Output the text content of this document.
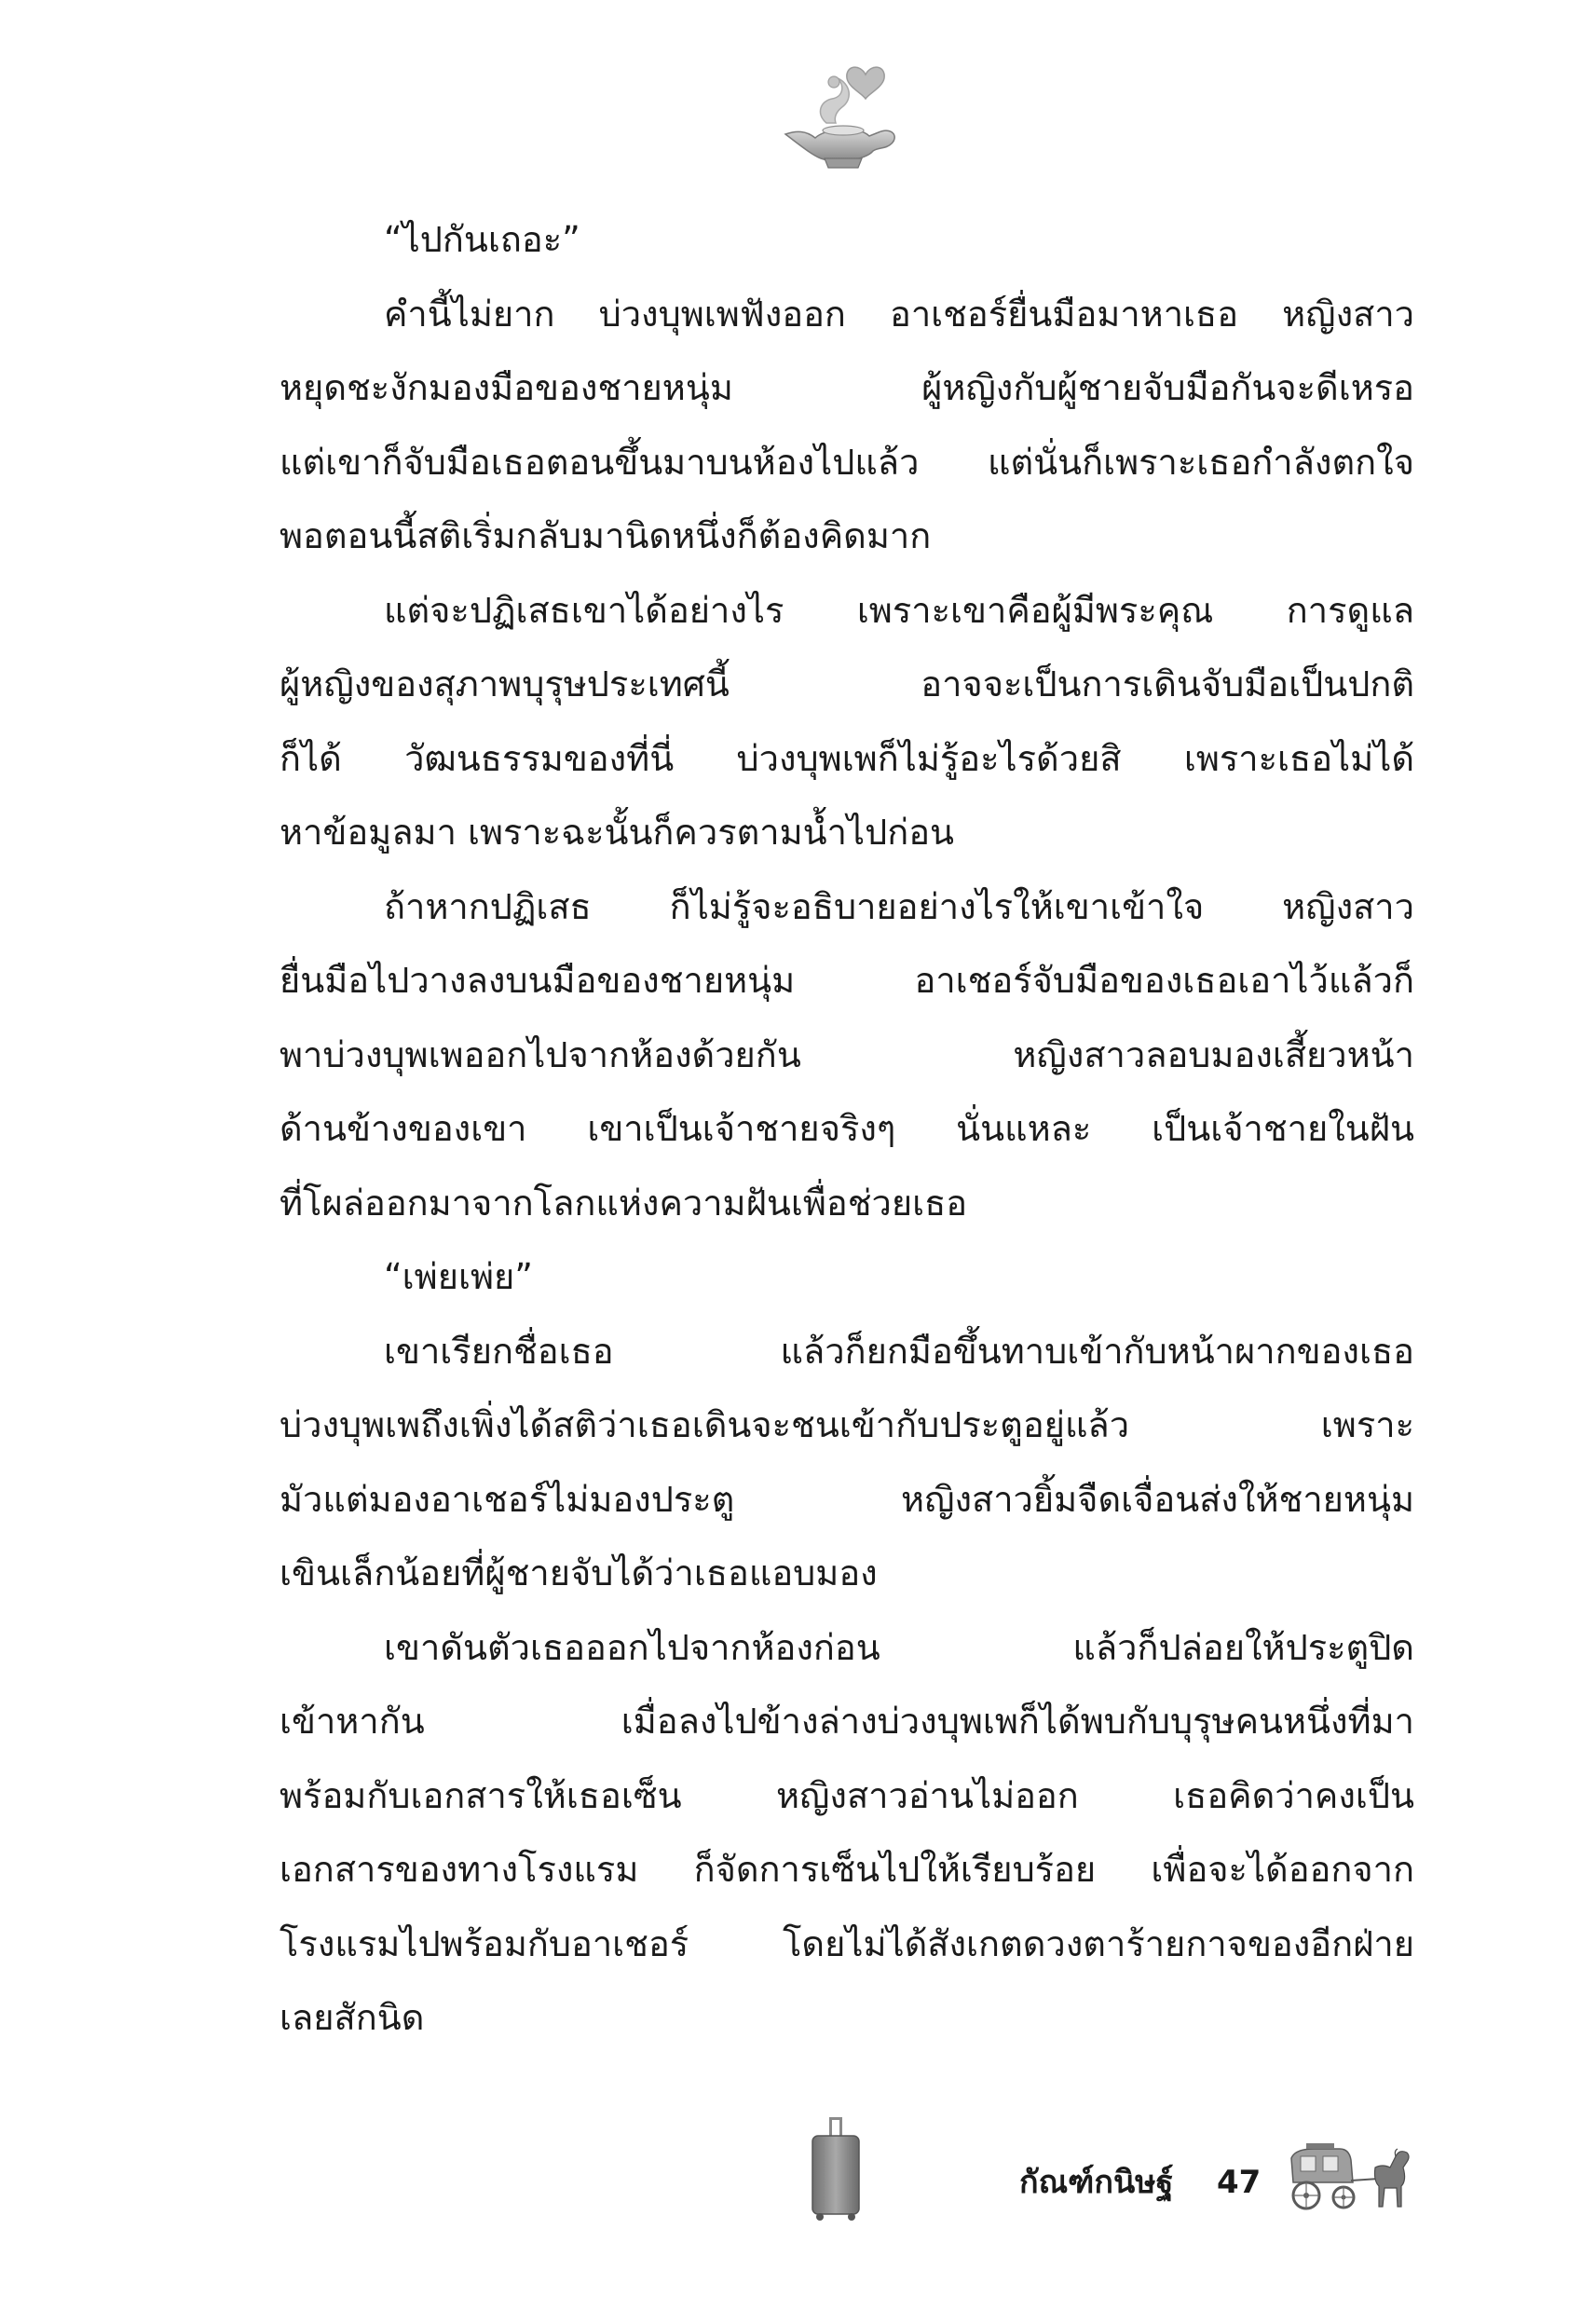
“ไปกันเถอะ”
คำนี้ไม่ยาก บ่วงบุพเพฟังออก อาเชอร์ยื่นมือมาหาเธอ หญิงสาว
หยุดชะงักมองมือของชายหนุ่ม ผู้หญิงกับผู้ชายจับมือกันจะดีเหรอ
แต่เขาก็จับมือเธอตอนขึ้นมาบนห้องไปแล้ว แต่นั่นก็เพราะเธอกำลังตกใจ
พอตอนนี้สติเริ่มกลับมานิดหนึ่งก็ต้องคิดมาก
แต่จะปฏิเสธเขาได้อย่างไร เพราะเขาคือผู้มีพระคุณ การดูแล
ผู้หญิงของสุภาพบุรุษประเทศนี้ อาจจะเป็นการเดินจับมือเป็นปกติ
ก็ได้ วัฒนธรรมของที่นี่ บ่วงบุพเพก็ไม่รู้อะไรด้วยสิ เพราะเธอไม่ได้
หาข้อมูลมา เพราะฉะนั้นก็ควรตามน้ำไปก่อน
ถ้าหากปฏิเสธ ก็ไม่รู้จะอธิบายอย่างไรให้เขาเข้าใจ หญิงสาว
ยื่นมือไปวางลงบนมือของชายหนุ่ม อาเชอร์จับมือของเธอเอาไว้แล้วก็
พาบ่วงบุพเพออกไปจากห้องด้วยกัน หญิงสาวลอบมองเสี้ยวหน้า
ด้านข้างของเขา เขาเป็นเจ้าชายจริงๆ นั่นแหละ เป็นเจ้าชายในฝัน
ที่โผล่ออกมาจากโลกแห่งความฝันเพื่อช่วยเธอ
“เพ่ยเพ่ย”
เขาเรียกชื่อเธอ แล้วก็ยกมือขึ้นทาบเข้ากับหน้าผากของเธอ
บ่วงบุพเพถึงเพิ่งได้สติว่าเธอเดินจะชนเข้ากับประตูอยู่แล้ว เพราะ
มัวแต่มองอาเชอร์ไม่มองประตู หญิงสาวยิ้มจืดเจื่อนส่งให้ชายหนุ่ม
เขินเล็กน้อยที่ผู้ชายจับได้ว่าเธอแอบมอง
เขาดันตัวเธอออกไปจากห้องก่อน แล้วก็ปล่อยให้ประตูปิด
เข้าหากัน เมื่อลงไปข้างล่างบ่วงบุพเพก็ได้พบกับบุรุษคนหนึ่งที่มา
พร้อมกับเอกสารให้เธอเซ็น หญิงสาวอ่านไม่ออก เธอคิดว่าคงเป็น
เอกสารของทางโรงแรม ก็จัดการเซ็นไปให้เรียบร้อย เพื่อจะได้ออกจาก
โรงแรมไปพร้อมกับอาเชอร์ โดยไม่ได้สังเกตดวงตาร้ายกาจของอีกฝ่าย
เลยสักนิด
กัณฑ์กนิษฐ์ 47
